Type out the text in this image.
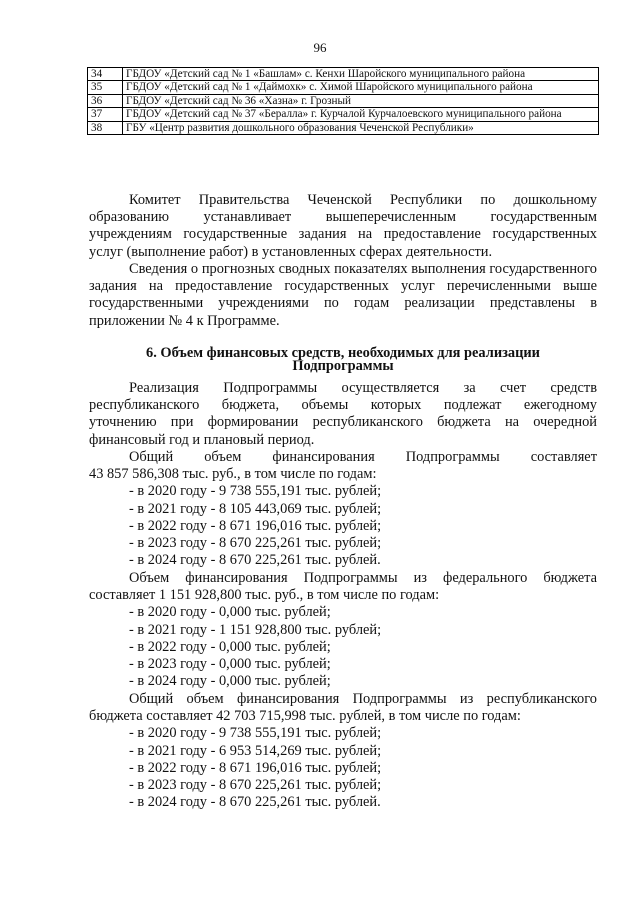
96
34	ГБДОУ «Детский сад № 1 «Башлам» с. Кенхи Шаройского муниципального района
35	ГБДОУ «Детский сад № 1 «Даймохк» с. Химой Шаройского муниципального района
36	ГБДОУ «Детский сад № 36 «Хазна» г. Грозный
37	ГБДОУ «Детский сад № 37 «Бералла» г. Курчалой Курчалоевского муниципального района
38	ГБУ «Центр развития дошкольного образования Чеченской Республики»
Комитет Правительства Чеченской Республики по дошкольному
образованию устанавливает вышеперечисленным государственным
учреждениям государственные задания на предоставление государственных
услуг (выполнение работ) в установленных сферах деятельности.
Сведения о прогнозных сводных показателях выполнения государственного
задания на предоставление государственных услуг перечисленными выше
государственными учреждениями по годам реализации представлены в
приложении № 4 к Программе.
6. Объем финансовых средств, необходимых для реализации
Подпрограммы
Реализация Подпрограммы осуществляется за счет средств
республиканского бюджета, объемы которых подлежат ежегодному
уточнению при формировании республиканского бюджета на очередной
финансовый год и плановый период.
Общий объем финансирования Подпрограммы составляет
43 857 586,308 тыс. руб., в том числе по годам:
- в 2020 году - 9 738 555,191 тыс. рублей;
- в 2021 году - 8 105 443,069 тыс. рублей;
- в 2022 году - 8 671 196,016 тыс. рублей;
- в 2023 году - 8 670 225,261 тыс. рублей;
- в 2024 году - 8 670 225,261 тыс. рублей.
Объем финансирования Подпрограммы из федерального бюджета
составляет 1 151 928,800 тыс. руб., в том числе по годам:
- в 2020 году - 0,000 тыс. рублей;
- в 2021 году - 1 151 928,800 тыс. рублей;
- в 2022 году - 0,000 тыс. рублей;
- в 2023 году - 0,000 тыс. рублей;
- в 2024 году - 0,000 тыс. рублей;
Общий объем финансирования Подпрограммы из республиканского
бюджета составляет 42 703 715,998 тыс. рублей, в том числе по годам:
- в 2020 году - 9 738 555,191 тыс. рублей;
- в 2021 году - 6 953 514,269 тыс. рублей;
- в 2022 году - 8 671 196,016 тыс. рублей;
- в 2023 году - 8 670 225,261 тыс. рублей;
- в 2024 году - 8 670 225,261 тыс. рублей.
